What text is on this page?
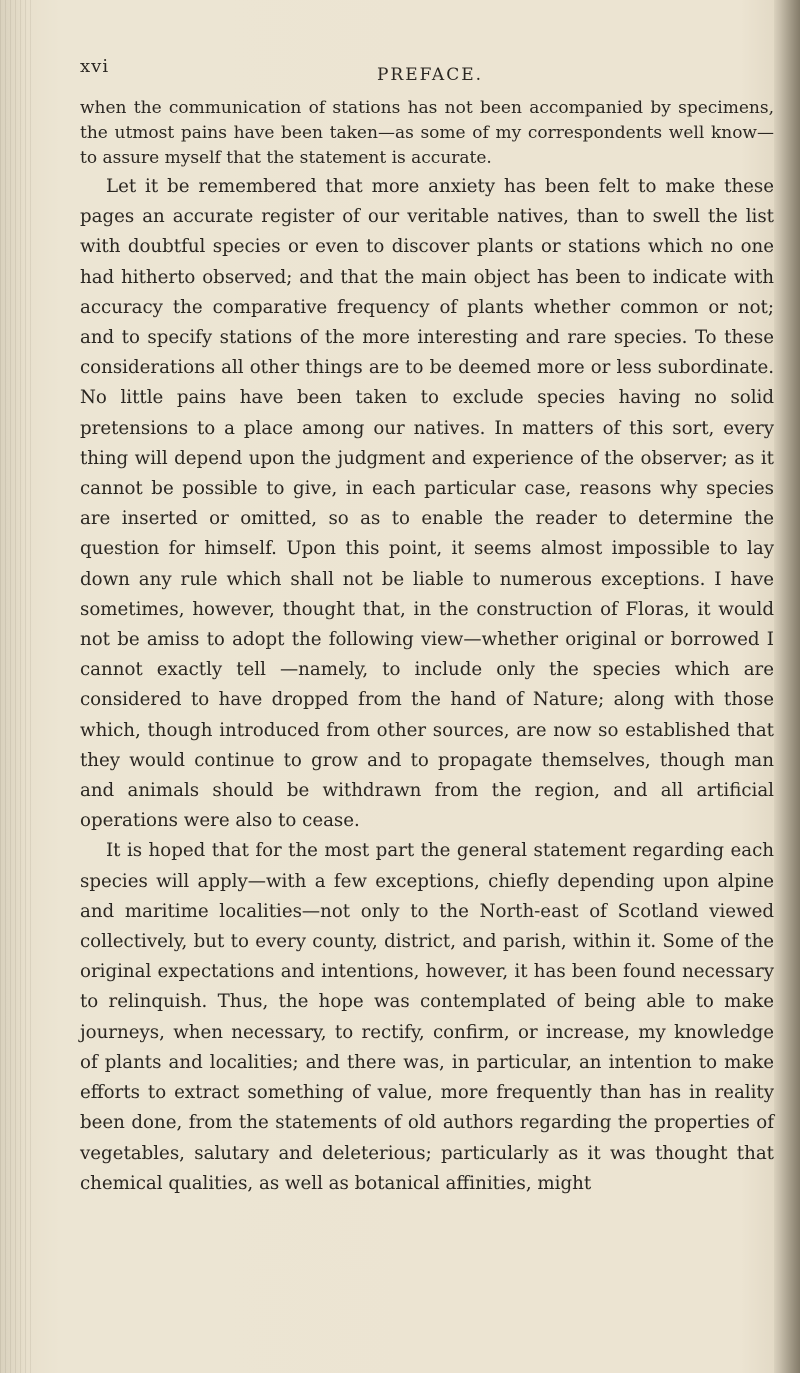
xvi	PREFACE.

when the communication of stations has not been accompanied by specimens, the utmost pains have been taken—as some of my correspondents well know—to assure myself that the statement is accurate.

Let it be remembered that more anxiety has been felt to make these pages an accurate register of our veritable natives, than to swell the list with doubtful species or even to discover plants or stations which no one had hitherto observed; and that the main object has been to indicate with accuracy the comparative frequency of plants whether common or not; and to specify stations of the more interesting and rare species. To these considerations all other things are to be deemed more or less subordinate. No little pains have been taken to exclude species having no solid pretensions to a place among our natives. In matters of this sort, every thing will depend upon the judgment and experience of the observer; as it cannot be possible to give, in each particular case, reasons why species are inserted or omitted, so as to enable the reader to determine the question for himself. Upon this point, it seems almost impossible to lay down any rule which shall not be liable to numerous exceptions. I have sometimes, however, thought that, in the construction of Floras, it would not be amiss to adopt the following view—whether original or borrowed I cannot exactly tell —namely, to include only the species which are considered to have dropped from the hand of Nature; along with those which, though introduced from other sources, are now so established that they would continue to grow and to propagate themselves, though man and animals should be withdrawn from the region, and all artificial operations were also to cease.

It is hoped that for the most part the general statement regarding each species will apply—with a few exceptions, chiefly depending upon alpine and maritime localities—not only to the North-east of Scotland viewed collectively, but to every county, district, and parish, within it. Some of the original expectations and intentions, however, it has been found necessary to relinquish. Thus, the hope was contemplated of being able to make journeys, when necessary, to rectify, confirm, or increase, my knowledge of plants and localities; and there was, in particular, an intention to make efforts to extract something of value, more frequently than has in reality been done, from the statements of old authors regarding the properties of vegetables, salutary and deleterious; particularly as it was thought that chemical qualities, as well as botanical affinities, might
